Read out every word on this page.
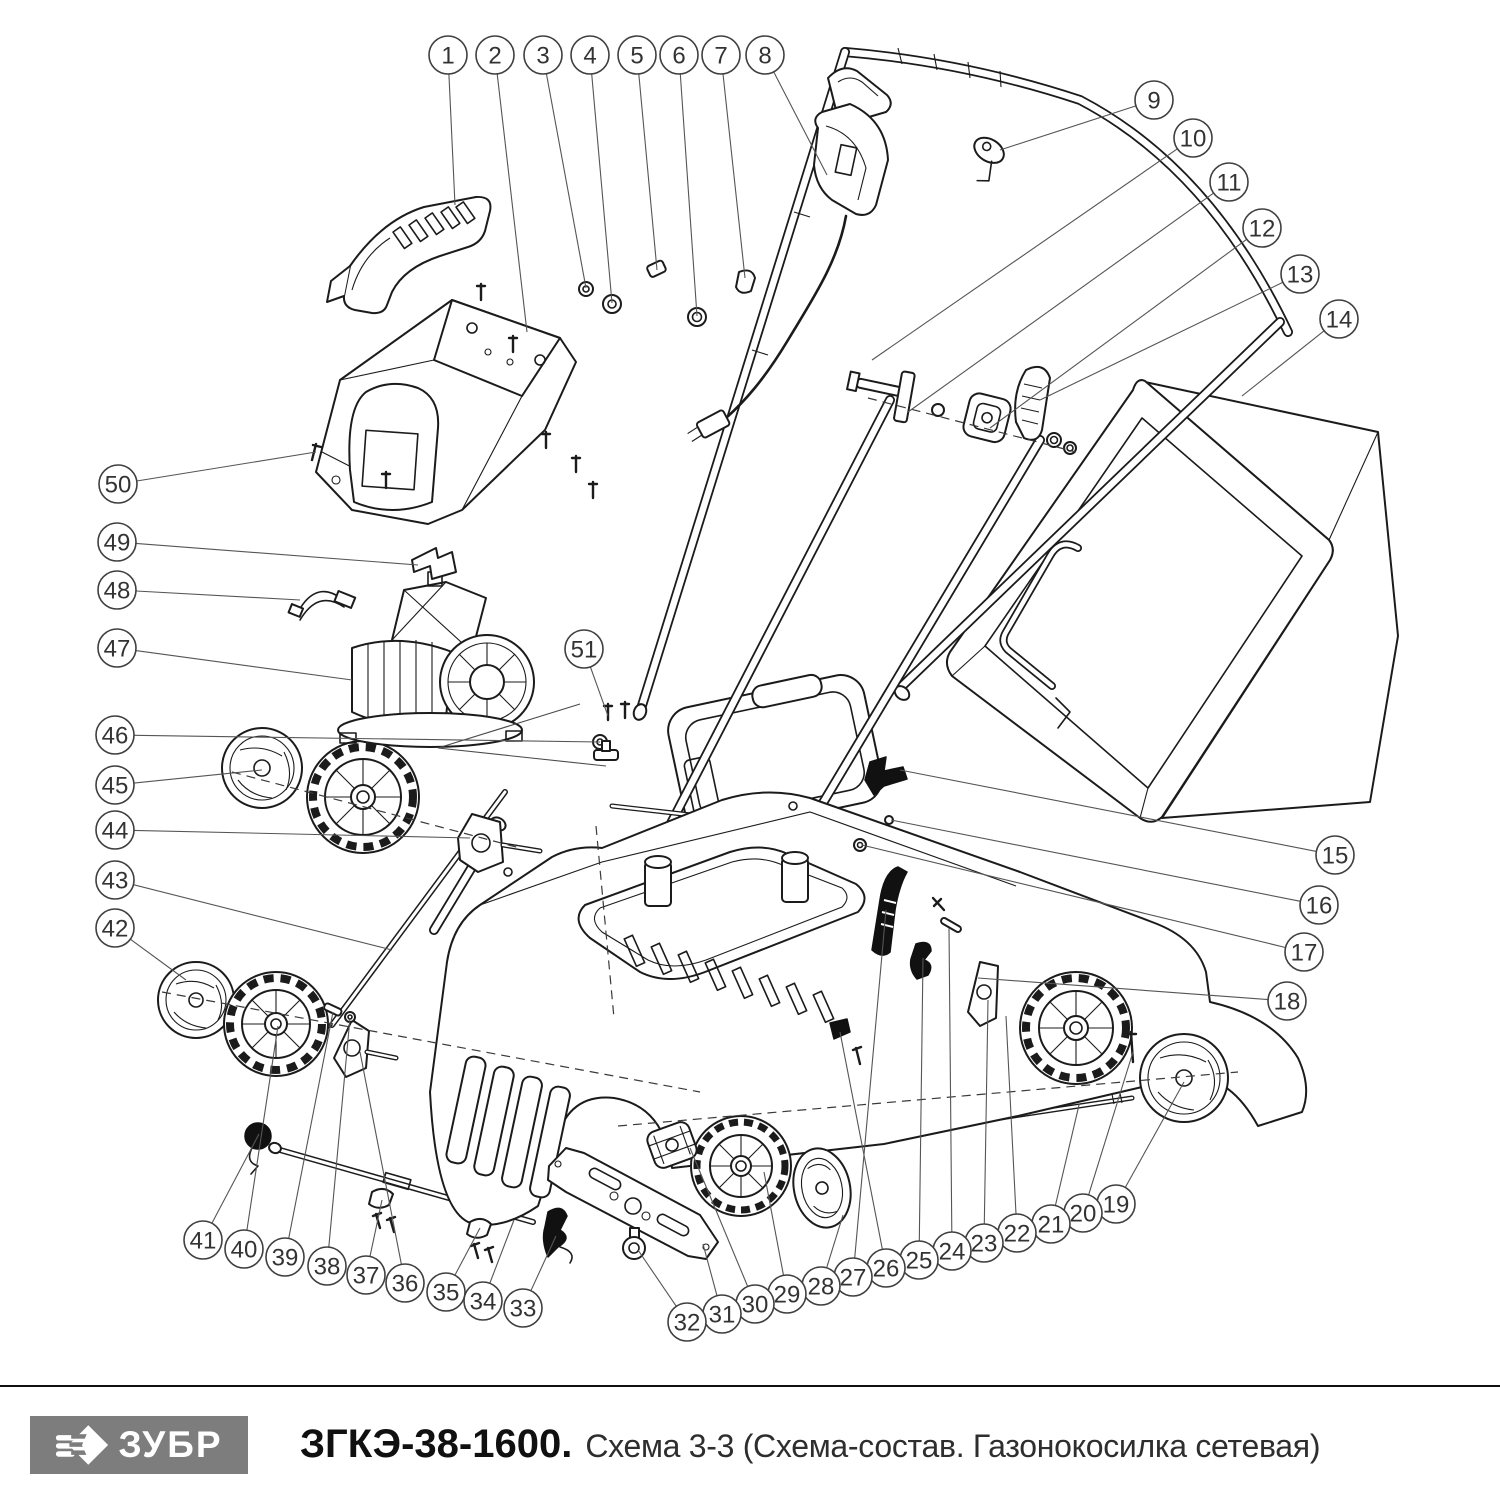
1 2 3 4 5 6 7 8
9
10
11
12
13
14
15
16
17
18
19
20
21
22
23
24
25
26
27
28
29
30
31
32
33
34
35
36
37
38
39
40
41
42
43
44
45
46
47
48
49
50
51
ЗУБР ЗГКЭ-38-1600. Схема 3-3 (Схема-состав. Газонокосилка сетевая)
